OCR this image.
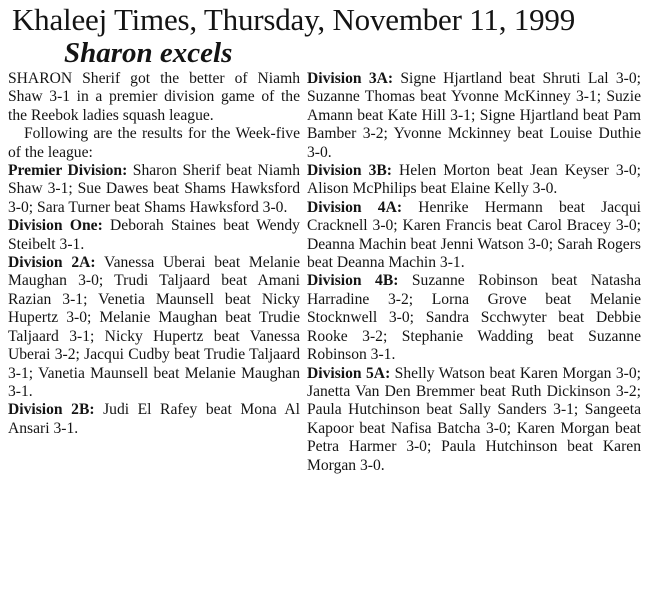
Khaleej Times, Thursday, November 11, 1999
Sharon excels

SHARON Sherif got the better of Niamh Shaw 3-1 in a premier division game of the the Reebok ladies squash league.

Following are the results for the Week-five of the league:

Premier Division: Sharon Sherif beat Niamh Shaw 3-1; Sue Dawes beat Shams Hawksford 3-0; Sara Turner beat Shams Hawksford 3-0.

Division One: Deborah Staines beat Wendy Steibelt 3-1.

Division 2A: Vanessa Uberai beat Melanie Maughan 3-0; Trudi Taljaard beat Amani Razian 3-1; Venetia Maunsell beat Nicky Hupertz 3-0; Melanie Maughan beat Trudie Taljaard 3-1; Nicky Hupertz beat Vanessa Uberai 3-2; Jacqui Cudby beat Trudie Taljaard 3-1; Vanetia Maunsell beat Melanie Maughan 3-1.

Division 2B: Judi El Rafey beat Mona Al Ansari 3-1.

Division 3A: Signe Hjartland beat Shruti Lal 3-0; Suzanne Thomas beat Yvonne McKinney 3-1; Suzie Amann beat Kate Hill 3-1; Signe Hjartland beat Pam Bamber 3-2; Yvonne Mckinney beat Louise Duthie 3-0.

Division 3B: Helen Morton beat Jean Keyser 3-0; Alison McPhilips beat Elaine Kelly 3-0.

Division 4A: Henrike Hermann beat Jacqui Cracknell 3-0; Karen Francis beat Carol Bracey 3-0; Deanna Machin beat Jenni Watson 3-0; Sarah Rogers beat Deanna Machin 3-1.

Division 4B: Suzanne Robinson beat Natasha Harradine 3-2; Lorna Grove beat Melanie Stocknwell 3-0; Sandra Scchwyter beat Debbie Rooke 3-2; Stephanie Wadding beat Suzanne Robinson 3-1.

Division 5A: Shelly Watson beat Karen Morgan 3-0; Janetta Van Den Bremmer beat Ruth Dickinson 3-2; Paula Hutchinson beat Sally Sanders 3-1; Sangeeta Kapoor beat Nafisa Batcha 3-0; Karen Morgan beat Petra Harmer 3-0; Paula Hutchinson beat Karen Morgan 3-0.
